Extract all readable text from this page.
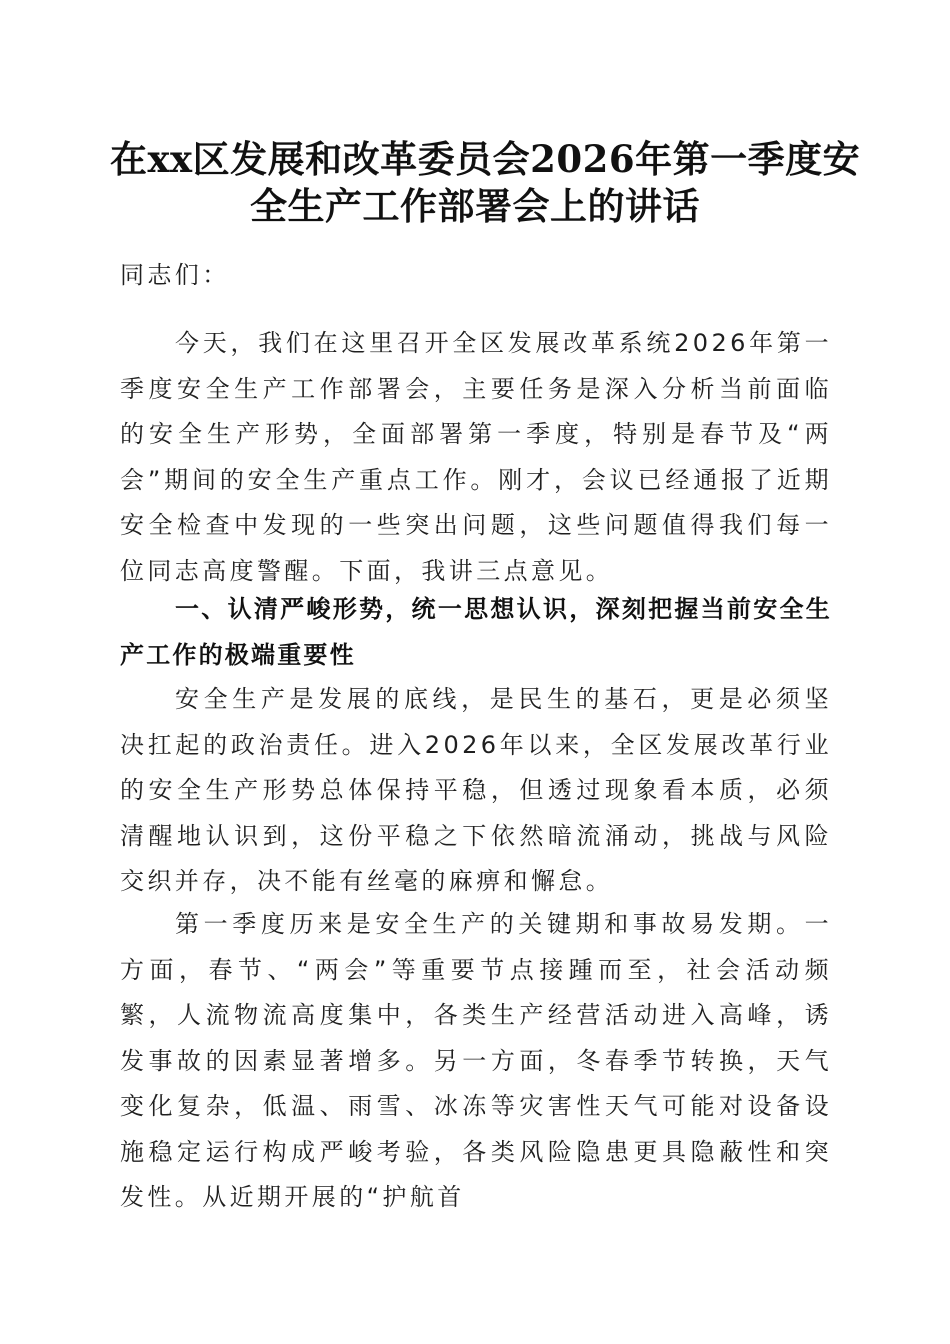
在xx区发展和改革委员会2026年第一季度安
全生产工作部署会上的讲话

同志们：

今天，我们在这里召开全区发展改革系统2026年第一季度安全生产工作部署会，主要任务是深入分析当前面临的安全生产形势，全面部署第一季度，特别是春节及“两会”期间的安全生产重点工作。刚才，会议已经通报了近期安全检查中发现的一些突出问题，这些问题值得我们每一位同志高度警醒。下面，我讲三点意见。

一、认清严峻形势，统一思想认识，深刻把握当前安全生产工作的极端重要性

安全生产是发展的底线，是民生的基石，更是必须坚决扛起的政治责任。进入2026年以来，全区发展改革行业的安全生产形势总体保持平稳，但透过现象看本质，必须清醒地认识到，这份平稳之下依然暗流涌动，挑战与风险交织并存，决不能有丝毫的麻痹和懈怠。

第一季度历来是安全生产的关键期和事故易发期。一方面，春节、“两会”等重要节点接踵而至，社会活动频繁，人流物流高度集中，各类生产经营活动进入高峰，诱发事故的因素显著增多。另一方面，冬春季节转换，天气变化复杂，低温、雨雪、冰冻等灾害性天气可能对设备设施稳定运行构成严峻考验，各类风险隐患更具隐蔽性和突发性。从近期开展的“护航首
